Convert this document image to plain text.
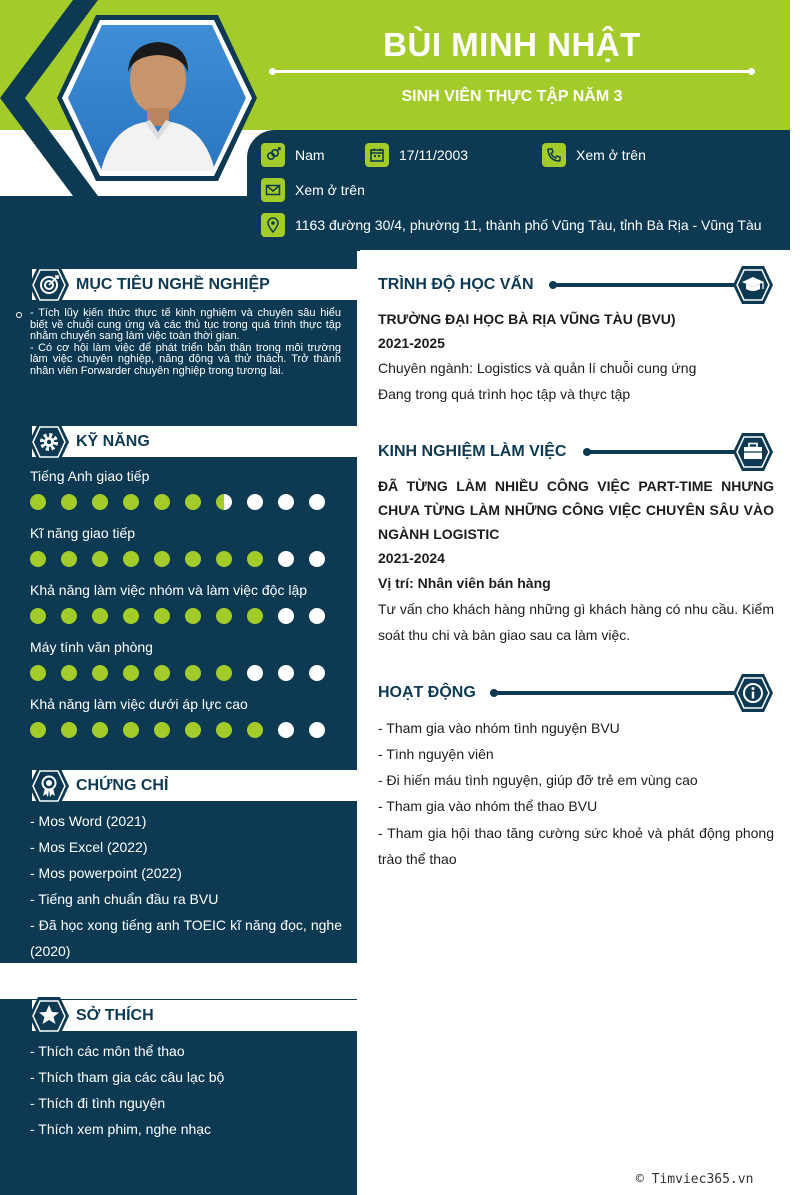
BÙI MINH NHẬT
SINH VIÊN THỰC TẬP NĂM 3
Nam	17/11/2003	Xem ở trên
Xem ở trên
1163 đường 30/4, phường 11, thành phố Vũng Tàu, tỉnh Bà Rịa - Vũng Tàu
MỤC TIÊU NGHỀ NGHIỆP
- Tích lũy kiến thức thực tế kinh nghiệm và chuyên sâu hiểu biết về chuỗi cung ứng và các thủ tục trong quá trình thực tập nhằm chuyển sang làm việc toàn thời gian.
- Có cơ hội làm việc để phát triển bản thân trong môi trường làm việc chuyên nghiệp, năng động và thử thách. Trở thành nhân viên Forwarder chuyên nghiệp trong tương lai.
KỸ NĂNG
Tiếng Anh giao tiếp
Kĩ năng giao tiếp
Khả năng làm việc nhóm và làm việc độc lập
Máy tính văn phòng
Khả năng làm việc dưới áp lực cao
CHỨNG CHỈ
- Mos Word (2021)
- Mos Excel (2022)
- Mos powerpoint (2022)
- Tiếng anh chuẩn đầu ra BVU
- Đã học xong tiếng anh TOEIC kĩ năng đọc, nghe (2020)
SỞ THÍCH
- Thích các môn thể thao
- Thích tham gia các câu lạc bộ
- Thích đi tình nguyện
- Thích xem phim, nghe nhạc
TRÌNH ĐỘ HỌC VẤN
TRƯỜNG ĐẠI HỌC BÀ RỊA VŨNG TÀU (BVU)
2021-2025
Chuyên ngành: Logistics và quản lí chuỗi cung ứng
Đang trong quá trình học tập và thực tập
KINH NGHIỆM LÀM VIỆC
ĐÃ TỪNG LÀM NHIỀU CÔNG VIỆC PART-TIME NHƯNG CHƯA TỪNG LÀM NHỮNG CÔNG VIỆC CHUYÊN SÂU VÀO NGÀNH LOGISTIC
2021-2024
Vị trí: Nhân viên bán hàng
Tư vấn cho khách hàng những gì khách hàng có nhu cầu. Kiểm soát thu chi và bàn giao sau ca làm việc.
HOẠT ĐỘNG
- Tham gia vào nhóm tình nguyện BVU
- Tình nguyện viên
- Đi hiến máu tình nguyện, giúp đỡ trẻ em vùng cao
- Tham gia vào nhóm thể thao BVU
- Tham gia hội thao tăng cường sức khoẻ và phát động phong trào thể thao
© Timviec365.vn
